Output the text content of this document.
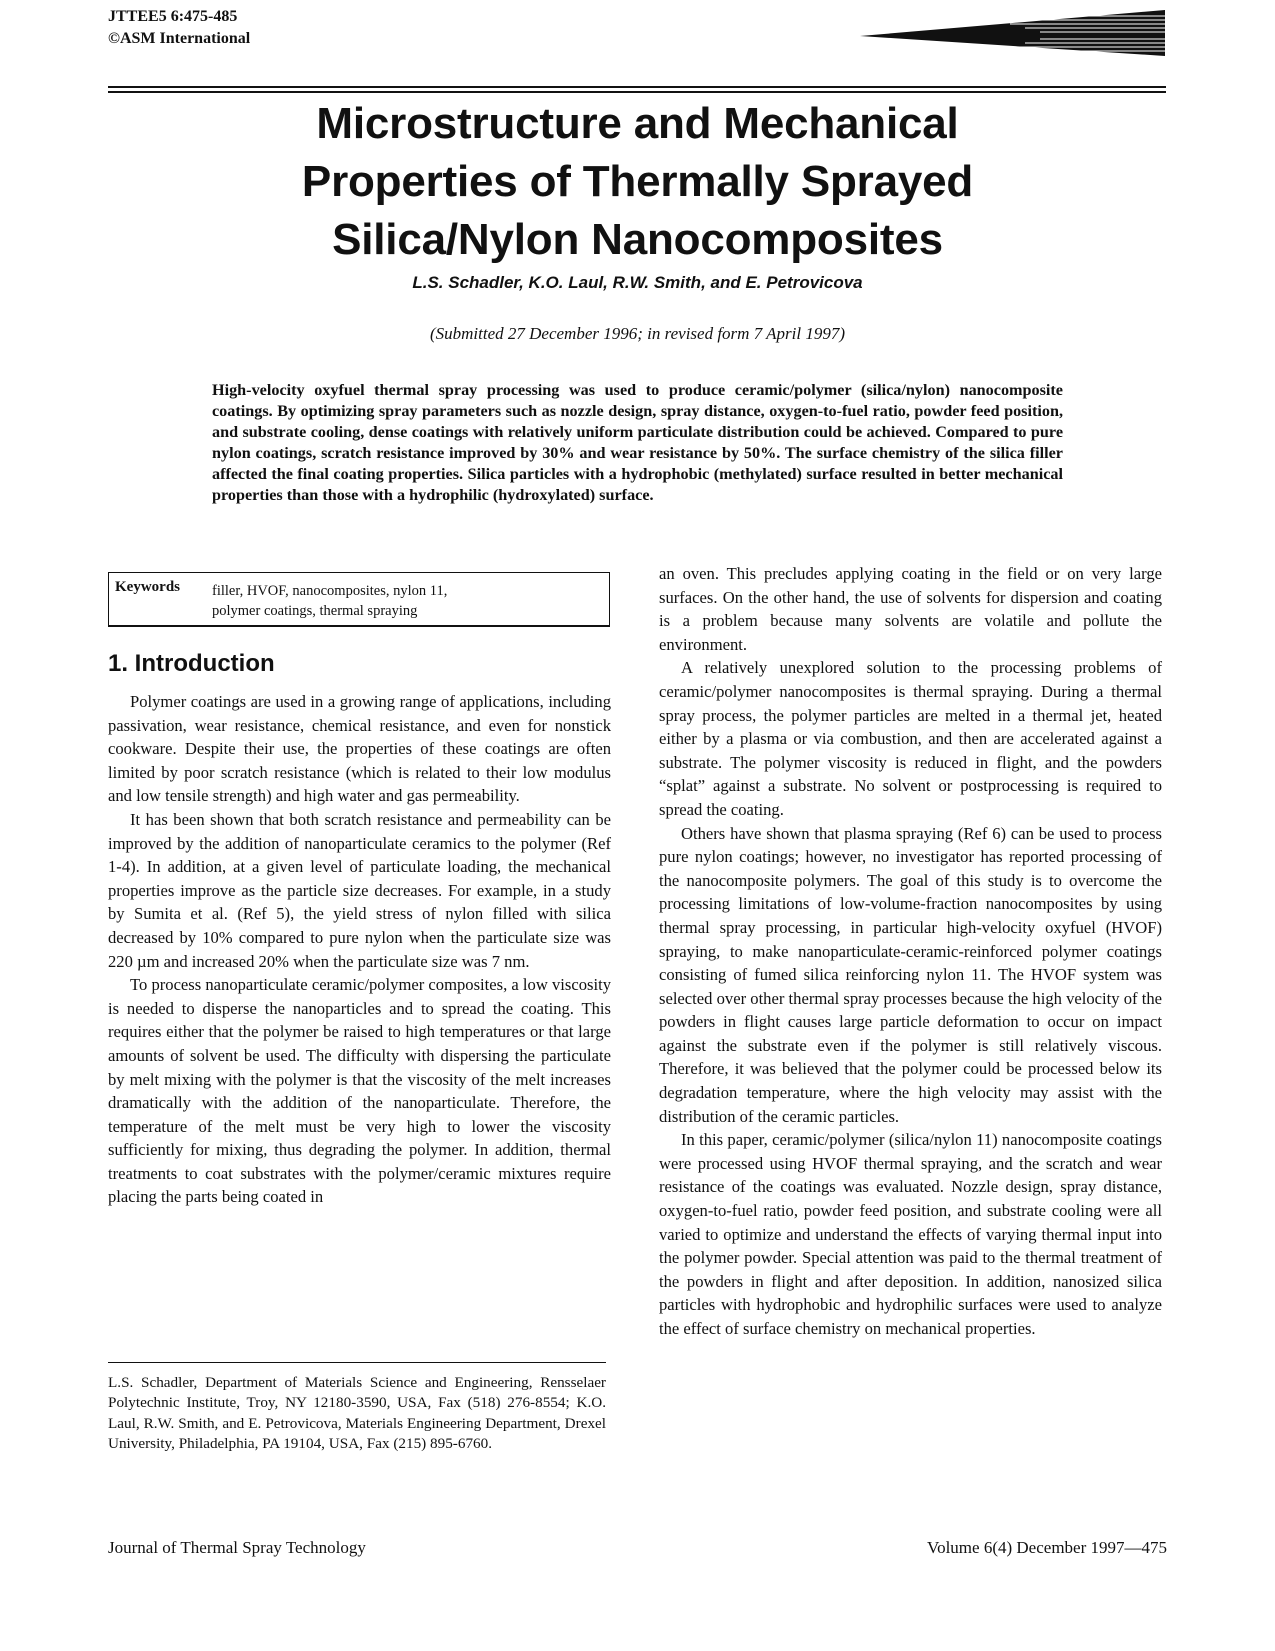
JTTEE5 6:475-485
©ASM International
Microstructure and Mechanical
Properties of Thermally Sprayed
Silica/Nylon Nanocomposites
L.S. Schadler, K.O. Laul, R.W. Smith, and E. Petrovicova
(Submitted 27 December 1996; in revised form 7 April 1997)
High-velocity oxyfuel thermal spray processing was used to produce ceramic/polymer (silica/nylon) nanocomposite coatings. By optimizing spray parameters such as nozzle design, spray distance, oxygen-to-fuel ratio, powder feed position, and substrate cooling, dense coatings with relatively uniform particulate distribution could be achieved. Compared to pure nylon coatings, scratch resistance improved by 30% and wear resistance by 50%. The surface chemistry of the silica filler affected the final coating properties. Silica particles with a hydrophobic (methylated) surface resulted in better mechanical properties than those with a hydrophilic (hydroxylated) surface.
Keywords filler, HVOF, nanocomposites, nylon 11, polymer coatings, thermal spraying
1. Introduction

Polymer coatings are used in a growing range of applications, including passivation, wear resistance, chemical resistance, and even for nonstick cookware. Despite their use, the properties of these coatings are often limited by poor scratch resistance (which is related to their low modulus and low tensile strength) and high water and gas permeability.

It has been shown that both scratch resistance and permeability can be improved by the addition of nanoparticulate ceramics to the polymer (Ref 1-4). In addition, at a given level of particulate loading, the mechanical properties improve as the particle size decreases. For example, in a study by Sumita et al. (Ref 5), the yield stress of nylon filled with silica decreased by 10% compared to pure nylon when the particulate size was 220 µm and increased 20% when the particulate size was 7 nm.

To process nanoparticulate ceramic/polymer composites, a low viscosity is needed to disperse the nanoparticles and to spread the coating. This requires either that the polymer be raised to high temperatures or that large amounts of solvent be used. The difficulty with dispersing the particulate by melt mixing with the polymer is that the viscosity of the melt increases dramatically with the addition of the nanoparticulate. Therefore, the temperature of the melt must be very high to lower the viscosity sufficiently for mixing, thus degrading the polymer. In addition, thermal treatments to coat substrates with the polymer/ceramic mixtures require placing the parts being coated in

L.S. Schadler, Department of Materials Science and Engineering, Rensselaer Polytechnic Institute, Troy, NY 12180-3590, USA, Fax (518) 276-8554; K.O. Laul, R.W. Smith, and E. Petrovicova, Materials Engineering Department, Drexel University, Philadelphia, PA 19104, USA, Fax (215) 895-6760.

an oven. This precludes applying coating in the field or on very large surfaces. On the other hand, the use of solvents for dispersion and coating is a problem because many solvents are volatile and pollute the environment.

A relatively unexplored solution to the processing problems of ceramic/polymer nanocomposites is thermal spraying. During a thermal spray process, the polymer particles are melted in a thermal jet, heated either by a plasma or via combustion, and then are accelerated against a substrate. The polymer viscosity is reduced in flight, and the powders “splat” against a substrate. No solvent or postprocessing is required to spread the coating.

Others have shown that plasma spraying (Ref 6) can be used to process pure nylon coatings; however, no investigator has reported processing of the nanocomposite polymers. The goal of this study is to overcome the processing limitations of low-volume-fraction nanocomposites by using thermal spray processing, in particular high-velocity oxyfuel (HVOF) spraying, to make nanoparticulate-ceramic-reinforced polymer coatings consisting of fumed silica reinforcing nylon 11. The HVOF system was selected over other thermal spray processes because the high velocity of the powders in flight causes large particle deformation to occur on impact against the substrate even if the polymer is still relatively viscous. Therefore, it was believed that the polymer could be processed below its degradation temperature, where the high velocity may assist with the distribution of the ceramic particles.

In this paper, ceramic/polymer (silica/nylon 11) nanocomposite coatings were processed using HVOF thermal spraying, and the scratch and wear resistance of the coatings was evaluated. Nozzle design, spray distance, oxygen-to-fuel ratio, powder feed position, and substrate cooling were all varied to optimize and understand the effects of varying thermal input into the polymer powder. Special attention was paid to the thermal treatment of the powders in flight and after deposition. In addition, nanosized silica particles with hydrophobic and hydrophilic surfaces were used to analyze the effect of surface chemistry on mechanical properties.

Journal of Thermal Spray Technology	Volume 6(4) December 1997—475
